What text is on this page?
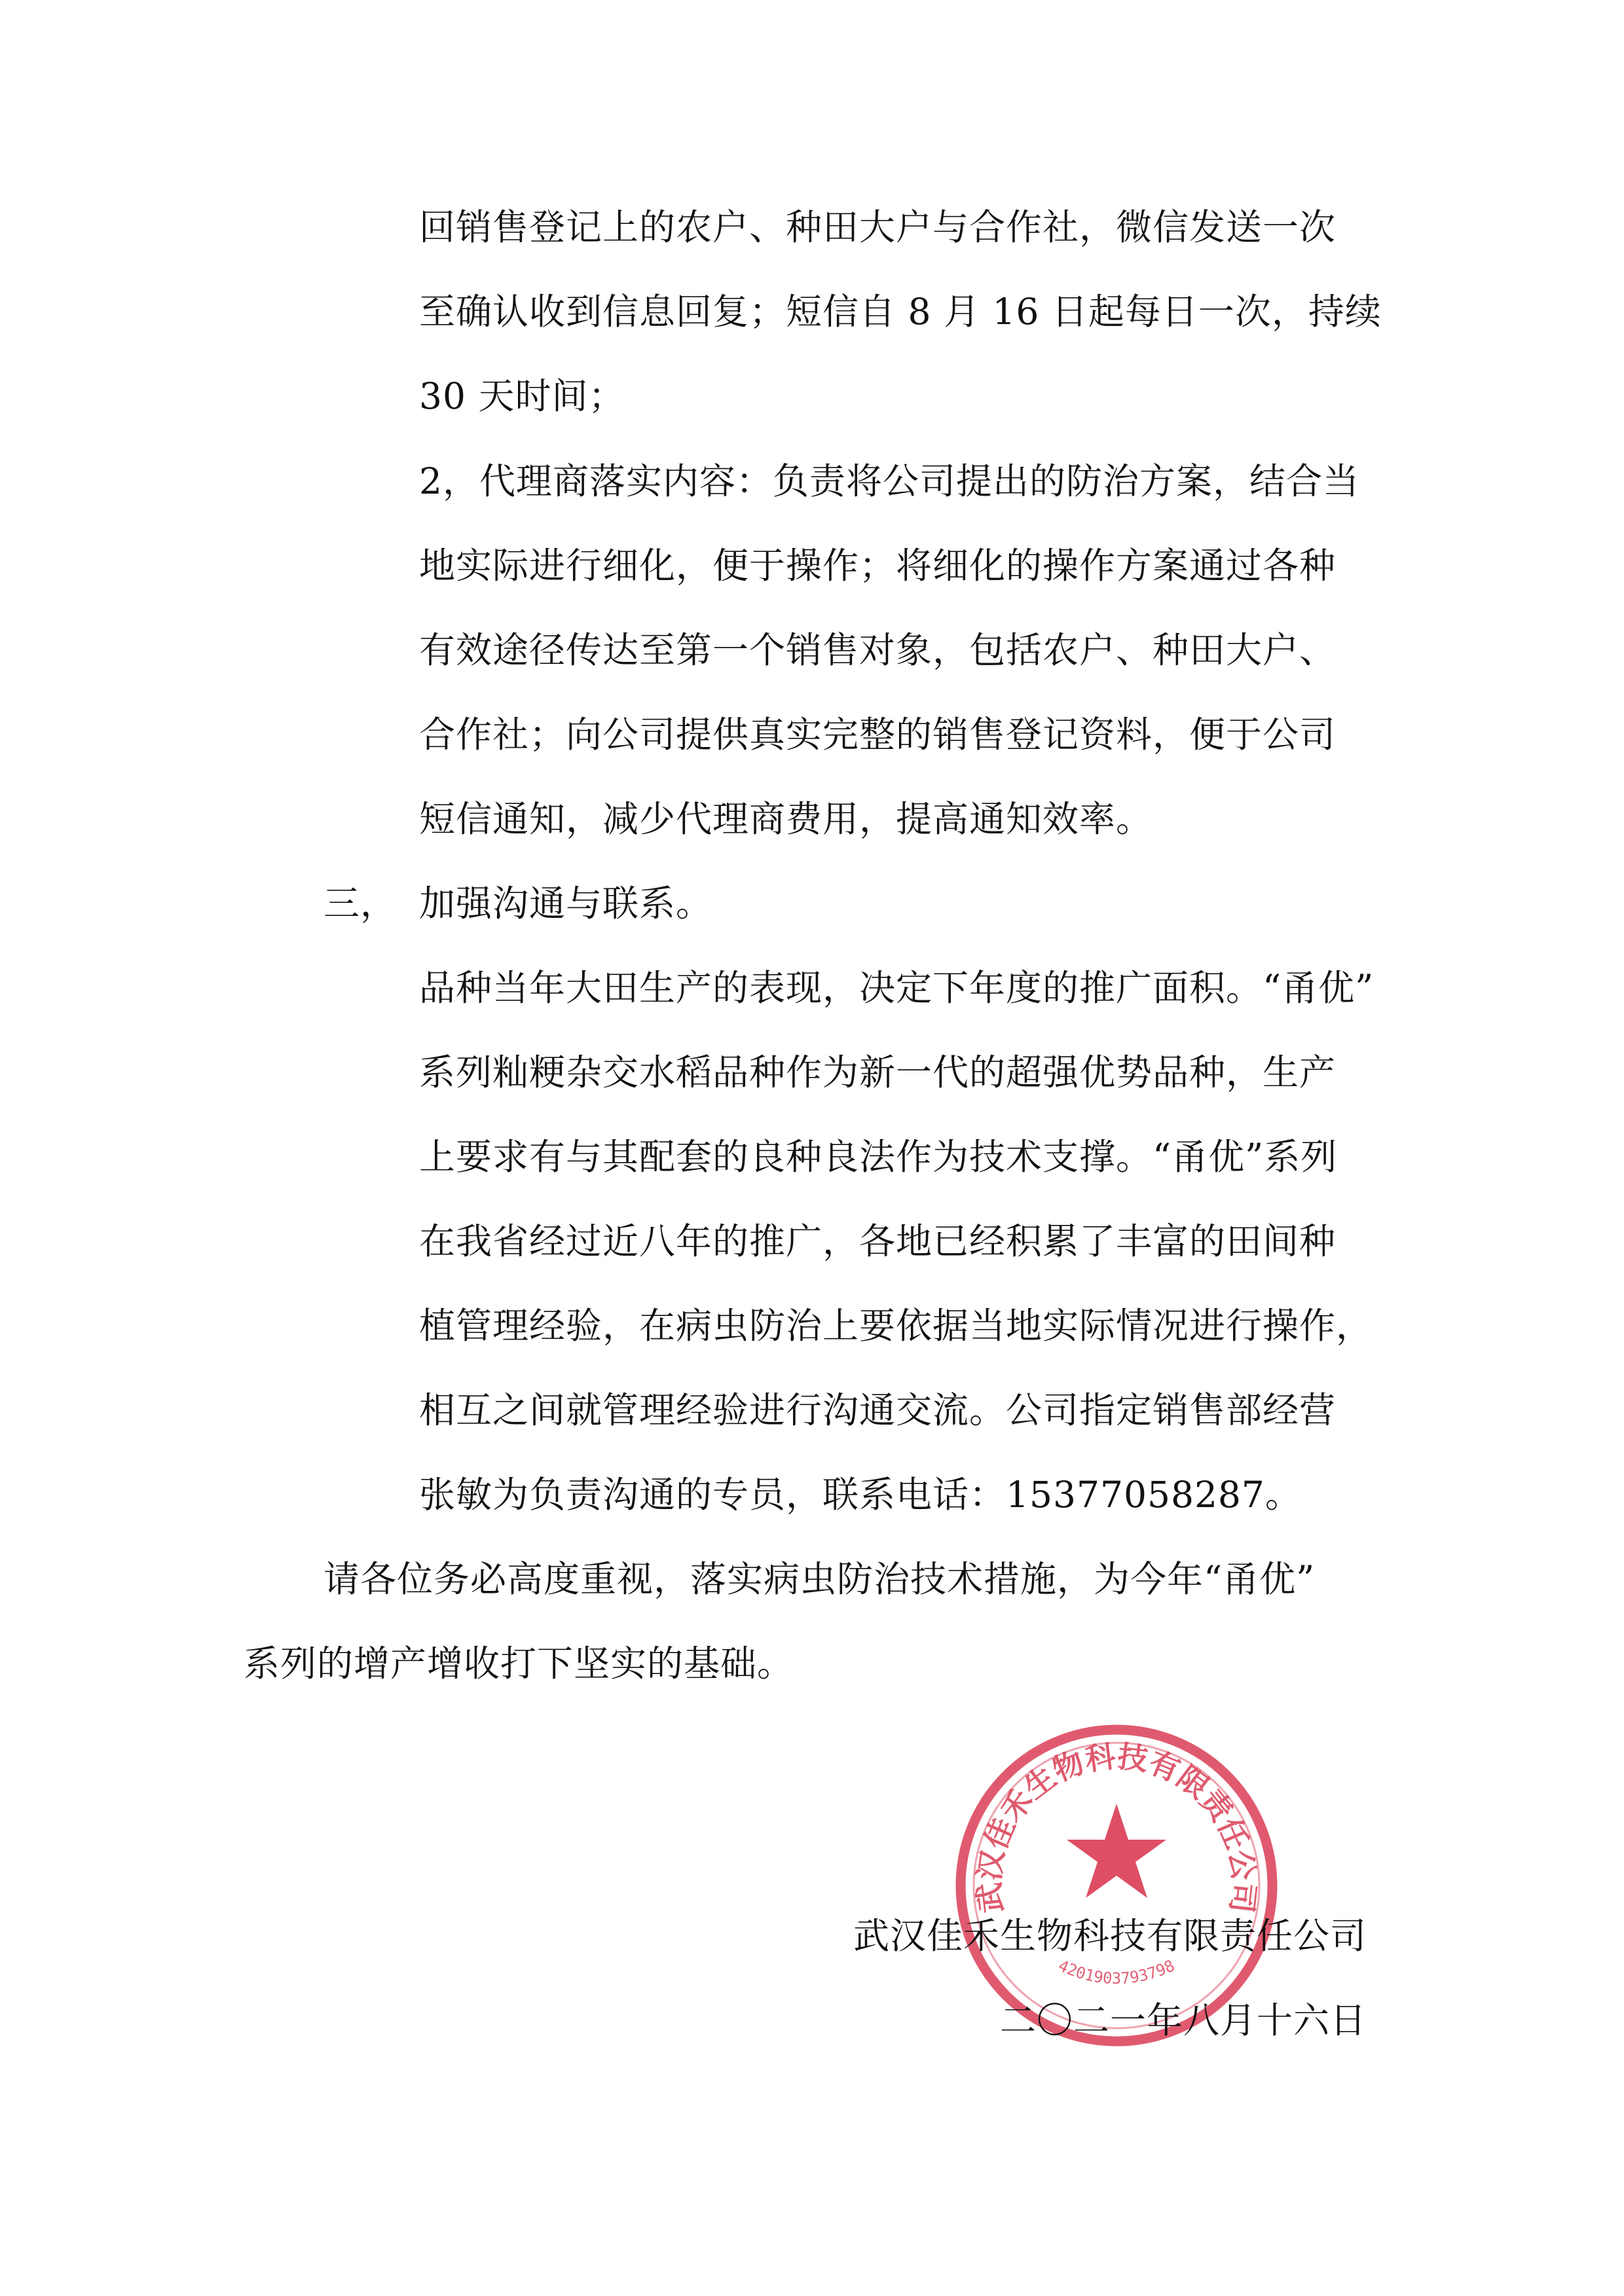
回销售登记上的农户、种田大户与合作社，微信发送一次
至确认收到信息回复；短信自 8 月 16 日起每日一次，持续
30 天时间；
2，代理商落实内容：负责将公司提出的防治方案，结合当
地实际进行细化，便于操作；将细化的操作方案通过各种
有效途径传达至第一个销售对象，包括农户、种田大户、
合作社；向公司提供真实完整的销售登记资料，便于公司
短信通知，减少代理商费用，提高通知效率。
三， 加强沟通与联系。
品种当年大田生产的表现，决定下年度的推广面积。“甬优”
系列籼粳杂交水稻品种作为新一代的超强优势品种，生产
上要求有与其配套的良种良法作为技术支撑。“甬优”系列
在我省经过近八年的推广，各地已经积累了丰富的田间种
植管理经验，在病虫防治上要依据当地实际情况进行操作，
相互之间就管理经验进行沟通交流。公司指定销售部经营
张敏为负责沟通的专员，联系电话：15377058287。
请各位务必高度重视，落实病虫防治技术措施，为今年“甬优”
系列的增产增收打下坚实的基础。
武汉佳禾生物科技有限责任公司
4201903793798
武汉佳禾生物科技有限责任公司
二〇二一年八月十六日
